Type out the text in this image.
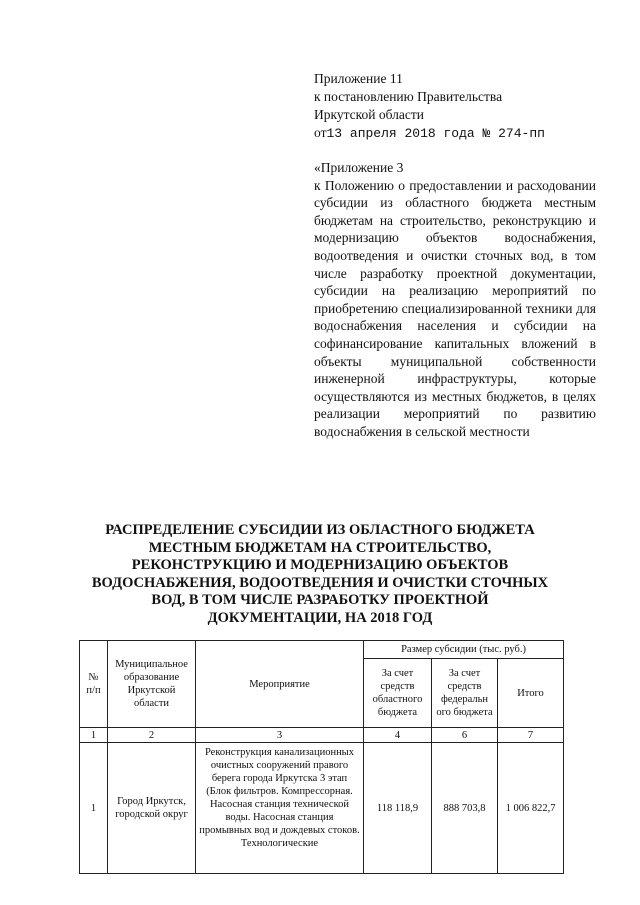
Приложение 11
к постановлению Правительства
Иркутской области
от13 апреля 2018 года № 274-пп
«Приложение 3

к Положению о предоставлении и расходовании субсидии из областного бюджета местным бюджетам на строительство, реконструкцию и модернизацию объектов водоснабжения, водоотведения и очистки сточных вод, в том числе разработку проектной документации, субсидии на реализацию мероприятий по приобретению специализированной техники для водоснабжения населения и субсидии на софинансирование капитальных вложений в объекты муниципальной собственности инженерной инфраструктуры, которые осуществляются из местных бюджетов, в целях реализации мероприятий по развитию водоснабжения в сельской местности

РАСПРЕДЕЛЕНИЕ СУБСИДИИ ИЗ ОБЛАСТНОГО БЮДЖЕТА
МЕСТНЫМ БЮДЖЕТАМ НА СТРОИТЕЛЬСТВО,
РЕКОНСТРУКЦИЮ И МОДЕРНИЗАЦИЮ ОБЪЕКТОВ
ВОДОСНАБЖЕНИЯ, ВОДООТВЕДЕНИЯ И ОЧИСТКИ СТОЧНЫХ
ВОД, В ТОМ ЧИСЛЕ РАЗРАБОТКУ ПРОЕКТНОЙ
ДОКУМЕНТАЦИИ, НА 2018 ГОД
№ п/п	Муниципальное образование Иркутской области	Мероприятие	Размер субсидии (тыс. руб.)		
			За счет средств областного бюджета	За счет средств федеральн ого бюджета	Итого
1	2	3	4	6	7
1	Город Иркутск, городской округ	Реконструкция канализационных очистных сооружений правого берега города Иркутска 3 этап (Блок фильтров. Компрессорная. Насосная станция технической воды. Насосная станция промывных вод и дождевых стоков. Технологические	118 118,9	888 703,8	1 006 822,7
